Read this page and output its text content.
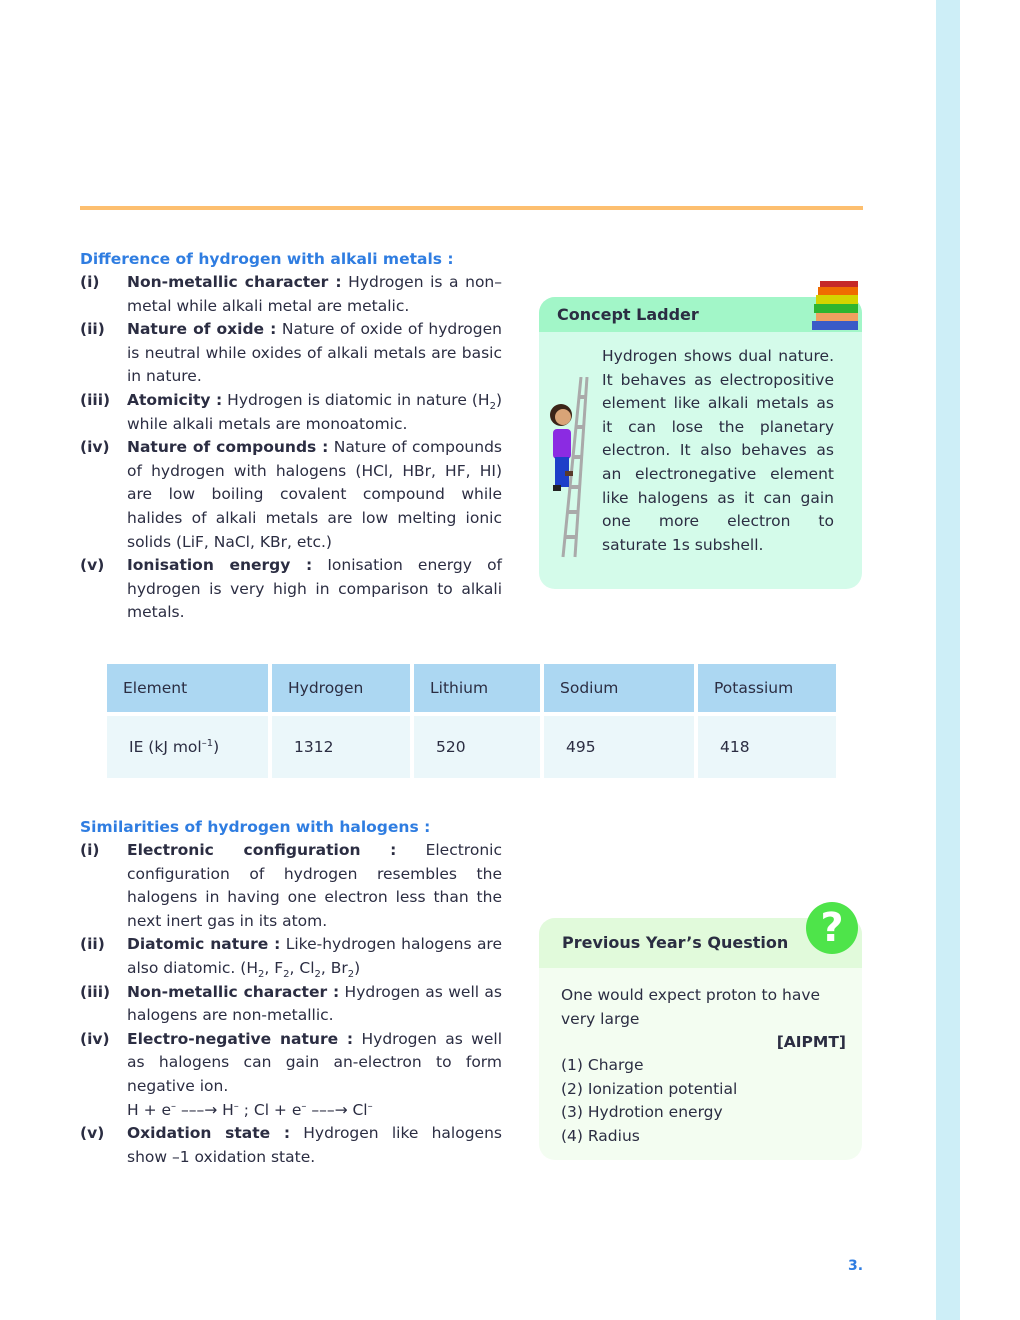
Difference of hydrogen with alkali metals :
(i)	Non-metallic character : Hydrogen is a non–metal while alkali metal are metalic.
(ii)	Nature of oxide : Nature of oxide of hydrogen is neutral while oxides of alkali metals are basic in nature.
(iii)	Atomicity : Hydrogen is diatomic in nature $(H_2)$ while alkali metals are monoatomic.
(iv)	Nature of compounds : Nature of compounds of hydrogen with halogens (HCl, HBr, HF, HI) are low boiling covalent compound while halides of alkali metals are low melting ionic solids (LiF, NaCl, KBr, etc.)
(v)	Ionisation energy : Ionisation energy of hydrogen is very high in comparison to alkali metals.
Concept Ladder
Hydrogen shows dual nature. It behaves as electropositive element like alkali metals as it can lose the planetary electron. It also behaves as an electronegative element like halogens as it can gain one more electron to saturate 1s subshell.
Element	Hydrogen	Lithium	Sodium	Potassium

IE (kJ mol$^{-1}$)	1312	520	495	418
Similarities of hydrogen with halogens :
(i)	Electronic configuration : Electronic configuration of hydrogen resembles the halogens in having one electron less than the next inert gas in its atom.
(ii)	Diatomic nature : Like-hydrogen halogens are also diatomic. ($H_2$, $F_2$, $Cl_2$, $Br_2$)
(iii)	Non-metallic character : Hydrogen as well as halogens are non-metallic.
(iv)	Electro-negative nature : Hydrogen as well as halogens can gain an-electron to form negative ion.
H + e– –––→ H– ; Cl + e– –––→ Cl–
(v)	Oxidation state : Hydrogen like halogens show –1 oxidation state.
Previous Year’s Question ?
One would expect proton to have very large
[AIPMT]
(1) Charge
(2) Ionization potential
(3) Hydrotion energy
(4) Radius
3.
